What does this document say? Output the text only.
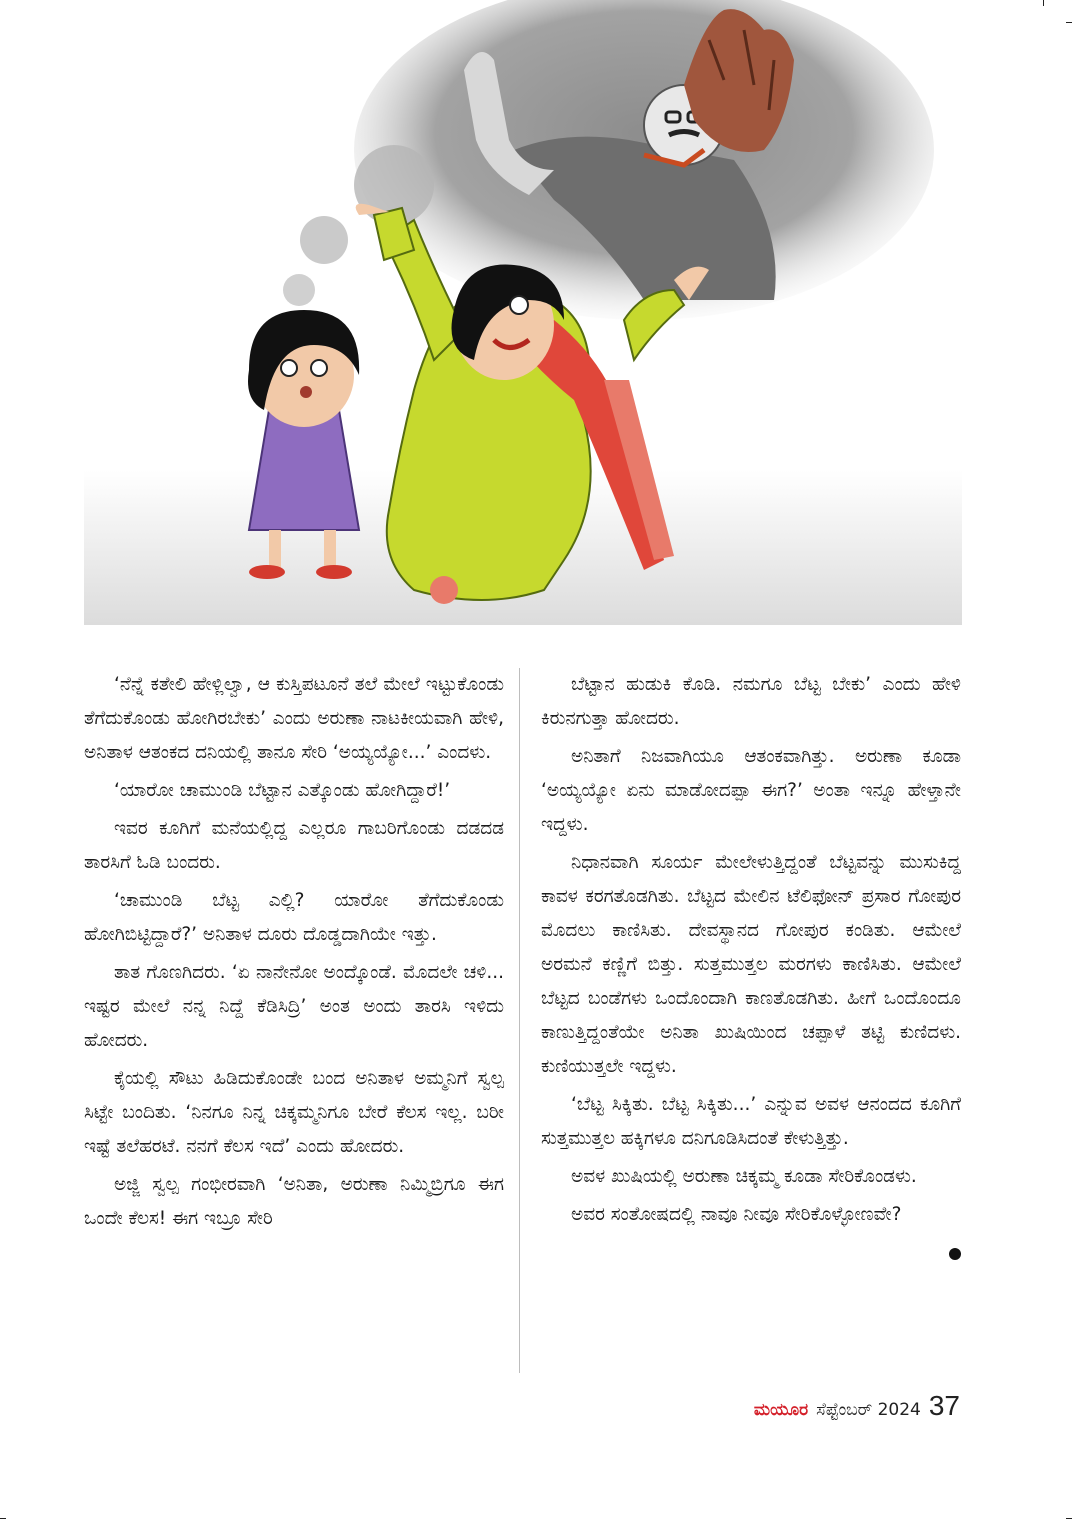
‘ನೆನ್ನೆ ಕತೇಲಿ ಹೇಳ್ಲಿಲ್ವಾ, ಆ ಕುಸ್ತಿಪಟೂನೆ ತಲೆ ಮೇಲೆ ಇಟ್ಟುಕೊಂಡು ತೆಗೆದುಕೊಂಡು ಹೋಗಿರಬೇಕು’ ಎಂದು ಅರುಣಾ ನಾಟಕೀಯವಾಗಿ ಹೇಳಿ, ಅನಿತಾಳ ಆತಂಕದ ದನಿಯಲ್ಲಿ ತಾನೂ ಸೇರಿ ‘ಅಯ್ಯಯ್ಯೋ...’ ಎಂದಳು.

‘ಯಾರೋ ಚಾಮುಂಡಿ ಬೆಟ್ಟಾನ ಎತ್ಕೊಂಡು ಹೋಗಿದ್ದಾರೆ!’

ಇವರ ಕೂಗಿಗೆ ಮನೆಯಲ್ಲಿದ್ದ ಎಲ್ಲರೂ ಗಾಬರಿಗೊಂಡು ದಡದಡ ತಾರಸಿಗೆ ಓಡಿ ಬಂದರು.

‘ಚಾಮುಂಡಿ ಬೆಟ್ಟ ಎಲ್ಲಿ? ಯಾರೋ ತೆಗೆದುಕೊಂಡು ಹೋಗಿಬಿಟ್ಟಿದ್ದಾರೆ?’ ಅನಿತಾಳ ದೂರು ದೊಡ್ಡದಾಗಿಯೇ ಇತ್ತು.

ತಾತ ಗೊಣಗಿದರು. ‘ಏ ನಾನೇನೋ ಅಂದ್ಕೊಂಡೆ. ಮೊದಲೇ ಚಳಿ... ಇಷ್ಟರ ಮೇಲೆ ನನ್ನ ನಿದ್ದೆ ಕೆಡಿಸಿದ್ರಿ’ ಅಂತ ಅಂದು ತಾರಸಿ ಇಳಿದು ಹೋದರು.

ಕೈಯಲ್ಲಿ ಸೌಟು ಹಿಡಿದುಕೊಂಡೇ ಬಂದ ಅನಿತಾಳ ಅಮ್ಮನಿಗೆ ಸ್ವಲ್ಪ ಸಿಟ್ಟೇ ಬಂದಿತು. ‘ನಿನಗೂ ನಿನ್ನ ಚಿಕ್ಕಮ್ಮನಿಗೂ ಬೇರೆ ಕೆಲಸ ಇಲ್ಲ. ಬರೀ ಇಷ್ಟೆ ತಲೆಹರಟೆ. ನನಗೆ ಕೆಲಸ ಇದೆ’ ಎಂದು ಹೋದರು.

ಅಜ್ಜಿ ಸ್ವಲ್ಪ ಗಂಭೀರವಾಗಿ ‘ಅನಿತಾ, ಅರುಣಾ ನಿಮ್ಮಿಬ್ರಿಗೂ ಈಗ ಒಂದೇ ಕೆಲಸ! ಈಗ ಇಬ್ರೂ ಸೇರಿ

ಬೆಟ್ಟಾನ ಹುಡುಕಿ ಕೊಡಿ. ನಮಗೂ ಬೆಟ್ಟ ಬೇಕು’ ಎಂದು ಹೇಳಿ ಕಿರುನಗುತ್ತಾ ಹೋದರು.

ಅನಿತಾಗೆ ನಿಜವಾಗಿಯೂ ಆತಂಕವಾಗಿತ್ತು. ಅರುಣಾ ಕೂಡಾ ‘ಅಯ್ಯಯ್ಯೋ ಏನು ಮಾಡೋದಪ್ಪಾ ಈಗ?’ ಅಂತಾ ಇನ್ನೂ ಹೇಳ್ತಾನೇ ಇದ್ದಳು.

ನಿಧಾನವಾಗಿ ಸೂರ್ಯ ಮೇಲೇಳುತ್ತಿದ್ದಂತೆ ಬೆಟ್ಟವನ್ನು ಮುಸುಕಿದ್ದ ಕಾವಳ ಕರಗತೊಡಗಿತು. ಬೆಟ್ಟದ ಮೇಲಿನ ಟೆಲಿಫೋನ್ ಪ್ರಸಾರ ಗೋಪುರ ಮೊದಲು ಕಾಣಿಸಿತು. ದೇವಸ್ಥಾನದ ಗೋಪುರ ಕಂಡಿತು. ಆಮೇಲೆ ಅರಮನೆ ಕಣ್ಣಿಗೆ ಬಿತ್ತು. ಸುತ್ತಮುತ್ತಲ ಮರಗಳು ಕಾಣಿಸಿತು. ಆಮೇಲೆ ಬೆಟ್ಟದ ಬಂಡೆಗಳು ಒಂದೊಂದಾಗಿ ಕಾಣತೊಡಗಿತು. ಹೀಗೆ ಒಂದೊಂದೂ ಕಾಣುತ್ತಿದ್ದಂತೆಯೇ ಅನಿತಾ ಖುಷಿಯಿಂದ ಚಪ್ಪಾಳೆ ತಟ್ಟಿ ಕುಣಿದಳು. ಕುಣಿಯುತ್ತಲೇ ಇದ್ದಳು.

‘ಬೆಟ್ಟ ಸಿಕ್ಕಿತು. ಬೆಟ್ಟ ಸಿಕ್ಕಿತು...’ ಎನ್ನುವ ಅವಳ ಆನಂದದ ಕೂಗಿಗೆ ಸುತ್ತಮುತ್ತಲ ಹಕ್ಕಿಗಳೂ ದನಿಗೂಡಿಸಿದಂತೆ ಕೇಳುತ್ತಿತ್ತು.

ಅವಳ ಖುಷಿಯಲ್ಲಿ ಅರುಣಾ ಚಿಕ್ಕಮ್ಮ ಕೂಡಾ ಸೇರಿಕೊಂಡಳು.

ಅವರ ಸಂತೋಷದಲ್ಲಿ ನಾವೂ ನೀವೂ ಸೇರಿಕೊಳ್ಳೋಣವೇ?

ಮಯೂರ ಸೆಪ್ಟೆಂಬರ್ 2024 37
